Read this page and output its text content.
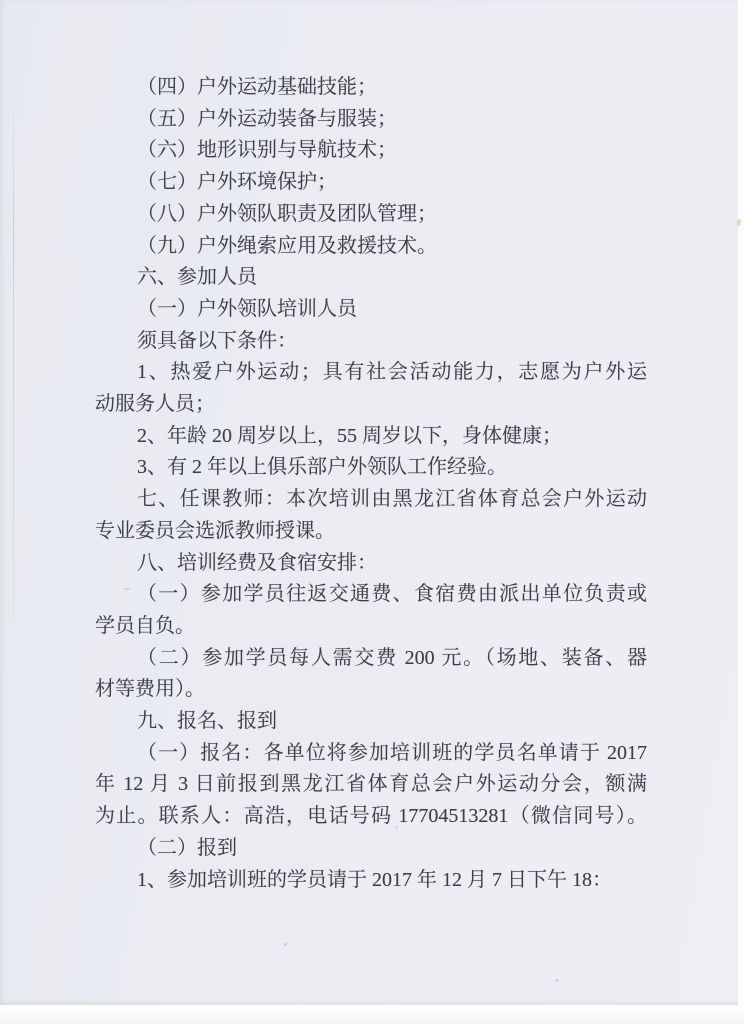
（四）户外运动基础技能；
（五）户外运动装备与服装；
（六）地形识别与导航技术；
（七）户外环境保护；
（八）户外领队职责及团队管理；
（九）户外绳索应用及救援技术。
六、参加人员
（一）户外领队培训人员
须具备以下条件：
1、热爱户外运动；具有社会活动能力，志愿为户外运
动服务人员；
2、年龄 20 周岁以上，55 周岁以下，身体健康；
3、有 2 年以上俱乐部户外领队工作经验。
七、任课教师：本次培训由黑龙江省体育总会户外运动
专业委员会选派教师授课。
八、培训经费及食宿安排：
（一）参加学员往返交通费、食宿费由派出单位负责或
学员自负。
（二）参加学员每人需交费 200 元。（场地、装备、器
材等费用）。
九、报名、报到
（一）报名：各单位将参加培训班的学员名单请于 2017
年 12 月 3 日前报到黑龙江省体育总会户外运动分会，额满
为止。联系人：高浩，电话号码 17704513281（微信同号）。
（二）报到
1、参加培训班的学员请于 2017 年 12 月 7 日下午 18：
